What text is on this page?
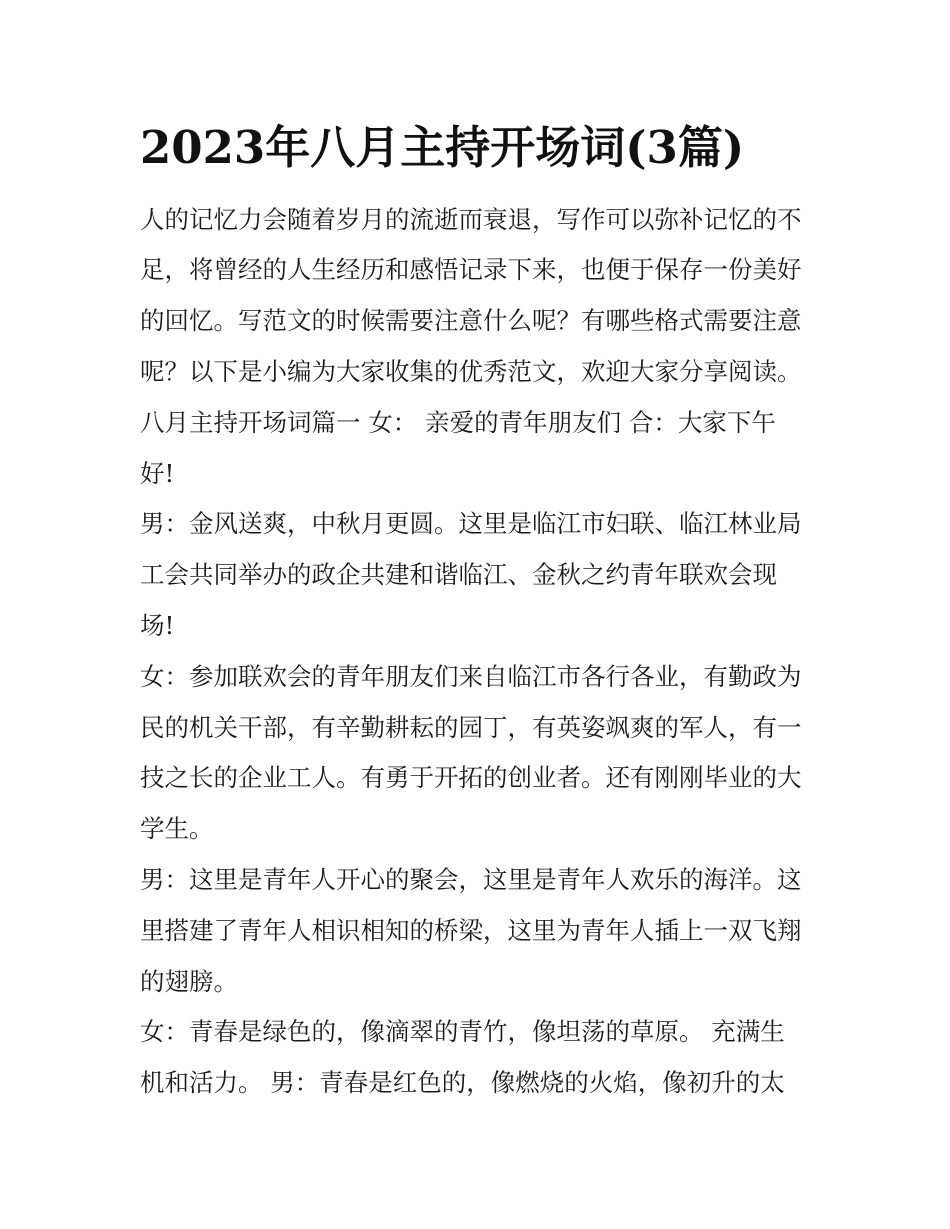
2023年八月主持开场词(3篇)

人的记忆力会随着岁月的流逝而衰退，写作可以弥补记忆的不

足，将曾经的人生经历和感悟记录下来，也便于保存一份美好

的回忆。写范文的时候需要注意什么呢？有哪些格式需要注意

呢？以下是小编为大家收集的优秀范文，欢迎大家分享阅读。

八月主持开场词篇一 女： 亲爱的青年朋友们 合：大家下午

好!

男：金风送爽，中秋月更圆。这里是临江市妇联、临江林业局

工会共同举办的政企共建和谐临江、金秋之约青年联欢会现

场!

女：参加联欢会的青年朋友们来自临江市各行各业，有勤政为

民的机关干部，有辛勤耕耘的园丁，有英姿飒爽的军人，有一

技之长的企业工人。有勇于开拓的创业者。还有刚刚毕业的大

学生。

男：这里是青年人开心的聚会，这里是青年人欢乐的海洋。这

里搭建了青年人相识相知的桥梁，这里为青年人插上一双飞翔

的翅膀。

女：青春是绿色的，像滴翠的青竹，像坦荡的草原。 充满生

机和活力。 男：青春是红色的，像燃烧的火焰，像初升的太
